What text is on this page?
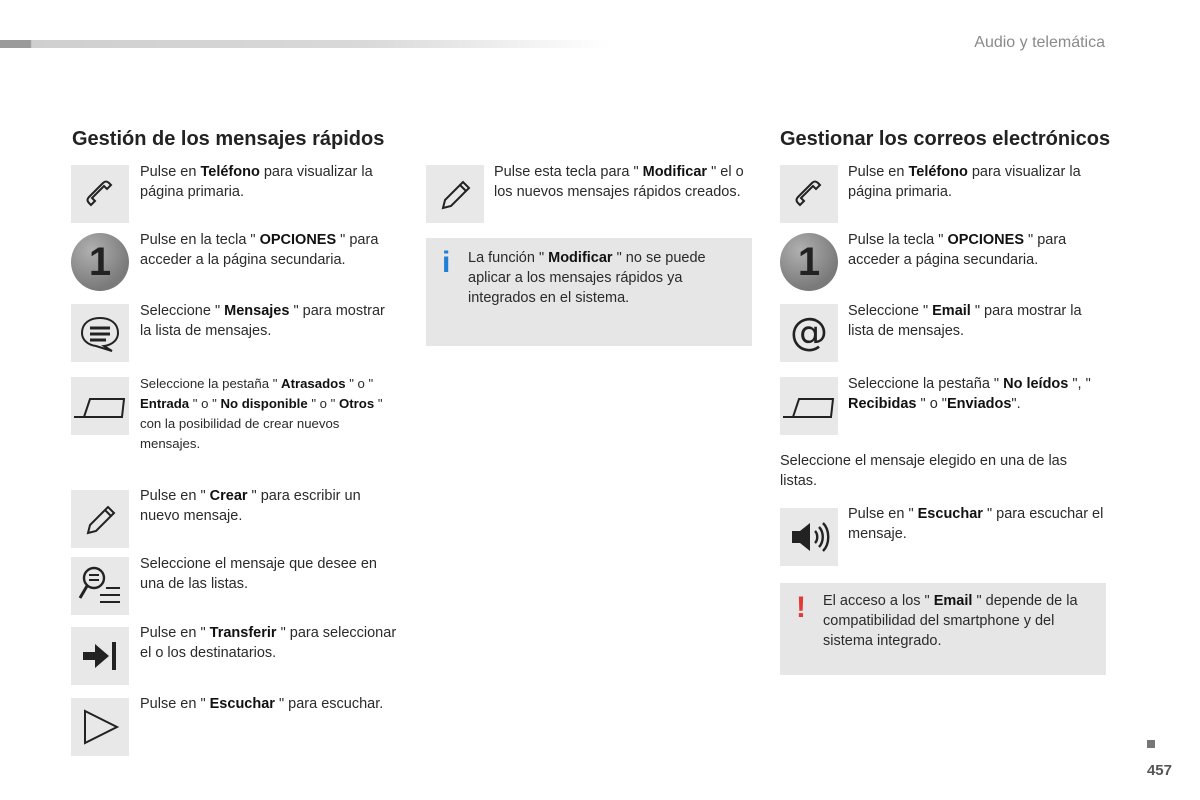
Audio y telemática
Gestión de los mensajes rápidos
Pulse en Teléfono para visualizar la página primaria.
1	Pulse en la tecla " OPCIONES " para acceder a la página secundaria.
Seleccione " Mensajes " para mostrar la lista de mensajes.
Seleccione la pestaña " Atrasados " o " Entrada " o " No disponible " o " Otros " con la posibilidad de crear nuevos mensajes.
Pulse en " Crear " para escribir un nuevo mensaje.
Seleccione el mensaje que desee en una de las listas.
Pulse en " Transferir " para seleccionar el o los destinatarios.
Pulse en " Escuchar " para escuchar.
Pulse esta tecla para " Modificar " el o los nuevos mensajes rápidos creados.
i La función " Modificar " no se puede aplicar a los mensajes rápidos ya integrados en el sistema.
Gestionar los correos electrónicos
Pulse en Teléfono para visualizar la página primaria.
1	Pulse la tecla " OPCIONES " para acceder a página secundaria.
@ Seleccione " Email " para mostrar la lista de mensajes.
Seleccione la pestaña " No leídos ", " Recibidas " o "Enviados".
Seleccione el mensaje elegido en una de las listas.
Pulse en " Escuchar " para escuchar el mensaje.
! El acceso a los " Email " depende de la compatibilidad del smartphone y del sistema integrado.
457
